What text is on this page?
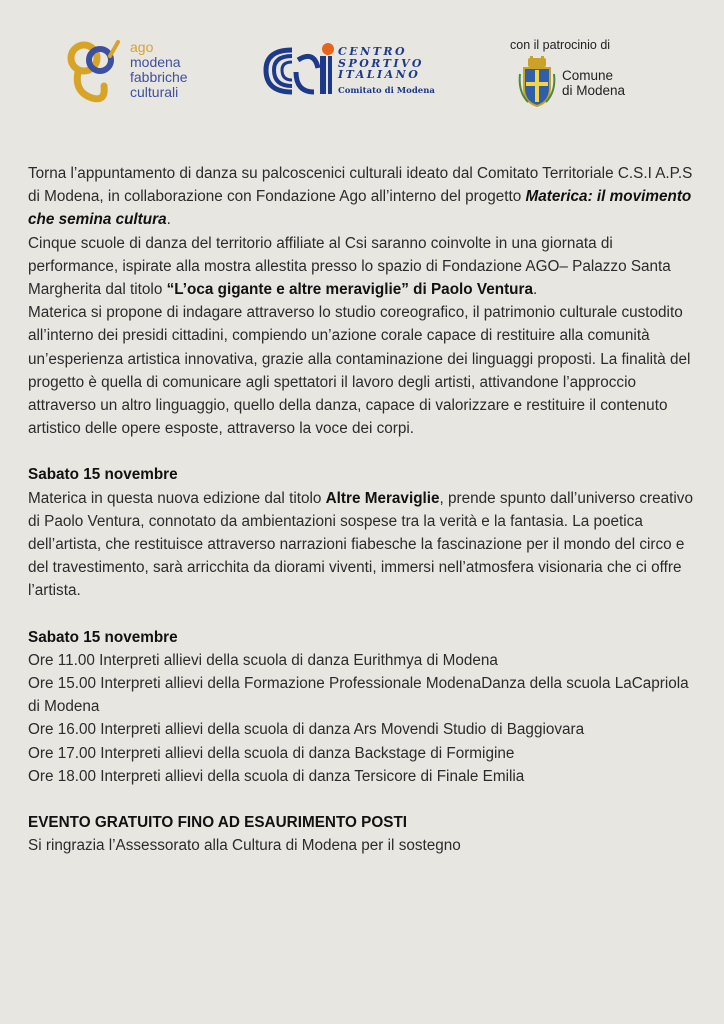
ago
modena
fabbriche
culturali
CENTRO
SPORTIVO
ITALIANO
Comitato di Modena
con il patrocinio di
Comune
di Modena

Torna l’appuntamento di danza su palcoscenici culturali ideato dal Comitato Territoriale C.S.I A.P.S di Modena, in collaborazione con Fondazione Ago all’interno del progetto Materica: il movimento che semina cultura.

Cinque scuole di danza del territorio affiliate al Csi saranno coinvolte in una giornata di performance, ispirate alla mostra allestita presso lo spazio di Fondazione AGO– Palazzo Santa Margherita dal titolo “L’oca gigante e altre meraviglie” di Paolo Ventura.

Materica si propone di indagare attraverso lo studio coreografico, il patrimonio culturale custodito all’interno dei presidi cittadini, compiendo un’azione corale capace di restituire alla comunità un’esperienza artistica innovativa, grazie alla contaminazione dei linguaggi proposti. La finalità del progetto è quella di comunicare agli spettatori il lavoro degli artisti, attivandone l’approccio attraverso un altro linguaggio, quello della danza, capace di valorizzare e restituire il contenuto artistico delle opere esposte, attraverso la voce dei corpi.

Sabato 15 novembre

Materica in questa nuova edizione dal titolo Altre Meraviglie, prende spunto dall’universo creativo di Paolo Ventura, connotato da ambientazioni sospese tra la verità e la fantasia. La poetica dell’artista, che restituisce attraverso narrazioni fiabesche la fascinazione per il mondo del circo e del travestimento, sarà arricchita da diorami viventi, immersi nell’atmosfera visionaria che ci offre l’artista.

Sabato 15 novembre

Ore 11.00 Interpreti allievi della scuola di danza Eurithmya di Modena

Ore 15.00 Interpreti allievi della Formazione Professionale ModenaDanza della scuola LaCapriola di Modena

Ore 16.00 Interpreti allievi della scuola di danza Ars Movendi Studio di Baggiovara

Ore 17.00 Interpreti allievi della scuola di danza Backstage di Formigine

Ore 18.00 Interpreti allievi della scuola di danza Tersicore di Finale Emilia

EVENTO GRATUITO FINO AD ESAURIMENTO POSTI

Si ringrazia l’Assessorato alla Cultura di Modena per il sostegno
